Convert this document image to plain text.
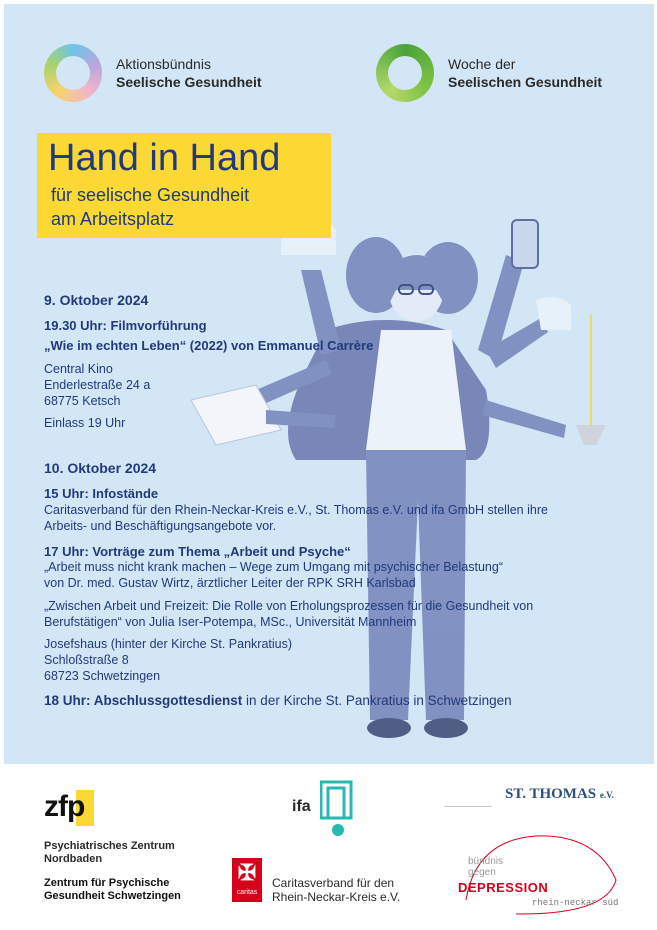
Aktionsbündnis
Seelische Gesundheit
Woche der
Seelischen Gesundheit
Hand in Hand
für seelische Gesundheit
am Arbeitsplatz
9. Oktober 2024
19.30 Uhr: Filmvorführung
„Wie im echten Leben“ (2022) von Emmanuel Carrère
Central Kino
Enderlestraße 24 a
68775 Ketsch
Einlass 19 Uhr
10. Oktober 2024
15 Uhr: Infostände
Caritasverband für den Rhein-Neckar-Kreis e.V., St. Thomas e.V. und ifa GmbH stellen ihre
Arbeits- und Beschäftigungsangebote vor.
17 Uhr: Vorträge zum Thema „Arbeit und Psyche“
„Arbeit muss nicht krank machen – Wege zum Umgang mit psychischer Belastung“
von Dr. med. Gustav Wirtz, ärztlicher Leiter der RPK SRH Karlsbad
„Zwischen Arbeit und Freizeit: Die Rolle von Erholungsprozessen für die Gesundheit von
Berufstätigen“ von Julia Iser-Potempa, MSc., Universität Mannheim
Josefshaus (hinter der Kirche St. Pankratius)
Schloßstraße 8
68723 Schwetzingen
18 Uhr: Abschlussgottesdienst in der Kirche St. Pankratius in Schwetzingen
zfp
Psychiatrisches Zentrum
Nordbaden
Zentrum für Psychische
Gesundheit Schwetzingen
ifa
ST. THOMAS e.V.
✠
caritas
Caritasverband für den
Rhein-Neckar-Kreis e.V.
bündnis
gegen
DEPRESSION
rhein-neckar süd
